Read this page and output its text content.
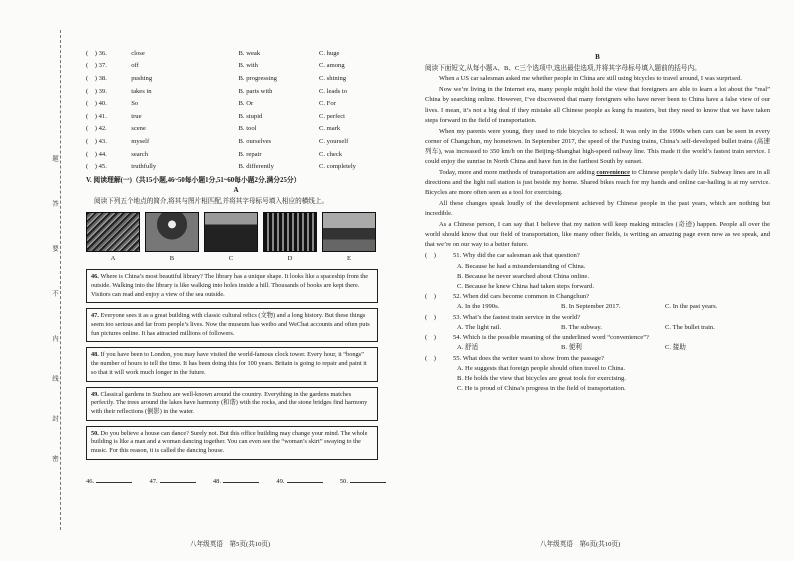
题
答
要
不
内
线
封
密
(　) 36.	close	B. weak	C. huge
(　) 37.	off	B. with	C. among
(　) 38.	pushing	B. progressing	C. shining
(　) 39.	takes in	B. parts with	C. leads to
(　) 40.	So	B. Or	C. For
(　) 41.	true	B. stupid	C. perfect
(　) 42.	scene	B. tool	C. mark
(　) 43.	myself	B. ourselves	C. yourself
(　) 44.	search	B. repair	C. check
(　) 45.	truthfully	B. differently	C. completely
V. 阅读理解(一)（共15小题,46~50每小题1分,51~60每小题2分,满分25分）
A
阅读下列五个地点的简介,将其与图片相匹配,并将其字母标号填入相应的横线上。
A	B	C	D	E
46. Where is China’s most beautiful library? The library has a unique shape. It looks like a spaceship from the outside. Walking into the library is like walking into holes inside a hill. Thousands of books are kept there. Visitors can read and enjoy a view of the sea outside.
47. Everyone sees it as a great building with classic cultural relics (文物) and a long history. But these things seem too serious and far from people’s lives. Now the museum has weibo and WeChat accounts and often puts fun pictures online. It has attracted millions of followers.
48. If you have been to London, you may have visited the world-famous clock tower. Every hour, it “bongs” the number of hours to tell the time. It has been doing this for 100 years. Britain is going to repair and paint it so that it will work much longer in the future.
49. Classical gardens in Suzhou are well-known around the country. Everything in the gardens matches perfectly. The trees around the lakes have harmony (和谐) with the rocks, and the stone bridges find harmony with their reflections (倒影) in the water.
50. Do you believe a house can dance? Surely not. But this office building may change your mind. The whole building is like a man and a woman dancing together. You can even see the “woman’s skirt” swaying to the music. For this reason, it is called the dancing house.
46.	47.	48.	49.	50.
B
阅读下面短文,从每小题A、B、C三个选项中,选出最佳选项,并将其字母标号填入题前的括号内。

When a US car salesman asked me whether people in China are still using bicycles to travel around, I was surprised.

Now we’re living in the Internet era, many people might hold the view that foreigners are able to learn a lot about the “real” China by searching online. However, I’ve discovered that many foreigners who have never been to China have a false view of our lives. I mean, it’s not a big deal if they mistake all Chinese people as kung fu masters, but they need to know that we have taken steps forward in the field of transportation.

When my parents were young, they used to ride bicycles to school. It was only in the 1990s when cars can be seen in every corner of Changchun, my hometown. In September 2017, the speed of the Fuxing trains, China’s self-developed bullet trains (高速列车), was increased to 350 km/h on the Beijing-Shanghai high-speed railway line. This made it the world’s fastest train service. I could enjoy the sunrise in North China and have fun in the farthest South by sunset.

Today, more and more methods of transportation are adding convenience to Chinese people’s daily life. Subway lines are in all directions and the light rail station is just beside my home. Shared bikes reach for my hands and online car-hailing is at my service. Bicycles are more often seen as a tool for exercising.

All these changes speak loudly of the development achieved by Chinese people in the past years, which are nothing but incredible.

As a Chinese person, I can say that I believe that my nation will keep making miracles (奇迹) happen. People all over the world should know that our field of transportation, like many other fields, is writing an amazing page even now as we speak, and that we’re on our way to a better future.

(　)	51. Why did the car salesman ask that question?
A. Because he had a misunderstanding of China.
B. Because he never searched about China online.
C. Because he knew China had taken steps forward.
(　)	52. When did cars become common in Changchun?
A. In the 1990s.	B. In September 2017.	C. In the past years.
(　)	53. What’s the fastest train service in the world?
A. The light rail.	B. The subway.	C. The bullet train.
(　)	54. Which is the possible meaning of the underlined word “convenience”?
A. 舒适	B. 便利	C. 接助
(　)	55. What does the writer want to show from the passage?
A. He suggests that foreign people should often travel to China.
B. He holds the view that bicycles are great tools for exercising.
C. He is proud of China’s progress in the field of transportation.
八年级英语　第5页(共10页)	八年级英语　第6页(共10页)
